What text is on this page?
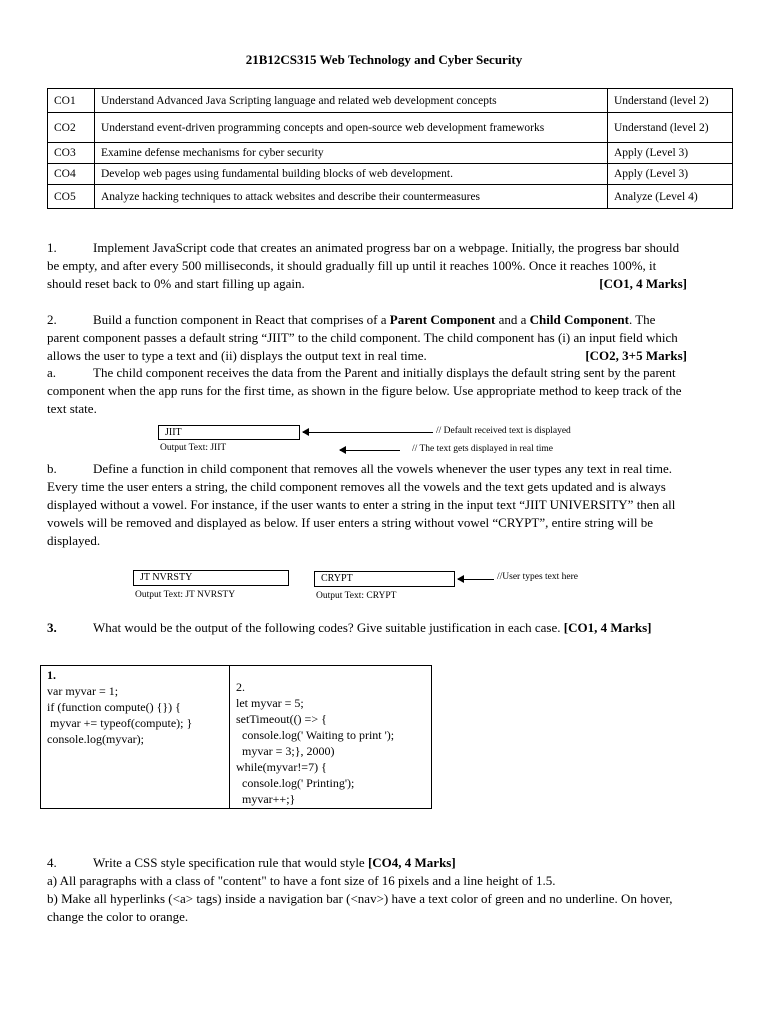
21B12CS315 Web Technology and Cyber Security
CO1	Understand Advanced Java Scripting language and related web development concepts	Understand (level 2)
CO2	Understand event-driven programming concepts and open-source web development frameworks	Understand (level 2)
CO3	Examine defense mechanisms for cyber security	Apply (Level 3)
CO4	Develop web pages using fundamental building blocks of web development.	Apply (Level 3)
CO5	Analyze hacking techniques to attack websites and describe their countermeasures	Analyze (Level 4)
1.	Implement JavaScript code that creates an animated progress bar on a webpage. Initially, the progress bar should be empty, and after every 500 milliseconds, it should gradually fill up until it reaches 100%. Once it reaches 100%, it should reset back to 0% and start filling up again.	[CO1, 4 Marks]
2.	Build a function component in React that comprises of a Parent Component and a Child Component. The parent component passes a default string “JIIT” to the child component. The child component has (i) an input field which allows the user to type a text and (ii) displays the output text in real time.	[CO2, 3+5 Marks]
a.	The child component receives the data from the Parent and initially displays the default string sent by the parent component when the app runs for the first time, as shown in the figure below. Use appropriate method to keep track of the text state.
JIIT
Output Text: JIIT
// Default received text is displayed
// The text gets displayed in real time
b.	Define a function in child component that removes all the vowels whenever the user types any text in real time. Every time the user enters a string, the child component removes all the vowels and the text gets updated and is always displayed without a vowel. For instance, if the user wants to enter a string in the input text “JIIT UNIVERSITY” then all vowels will be removed and displayed as below. If user enters a string without vowel “CRYPT”, entire string will be displayed.
JT NVRSTY
Output Text: JT NVRSTY
CRYPT
Output Text: CRYPT
//User types text here
3.	What would be the output of the following codes? Give suitable justification in each case. [CO1, 4 Marks]
1.
var myvar = 1;
if (function compute() {}) {
myvar += typeof(compute); }
console.log(myvar);

2.
let myvar = 5;
setTimeout(() => {
console.log(' Waiting to print ');
myvar = 3;}, 2000)
while(myvar!=7) {
console.log(' Printing');
myvar++;}
4.	Write a CSS style specification rule that would style [CO4, 4 Marks]
a) All paragraphs with a class of "content" to have a font size of 16 pixels and a line height of 1.5.
b) Make all hyperlinks (<a> tags) inside a navigation bar (<nav>) have a text color of green and no underline. On hover, change the color to orange.
